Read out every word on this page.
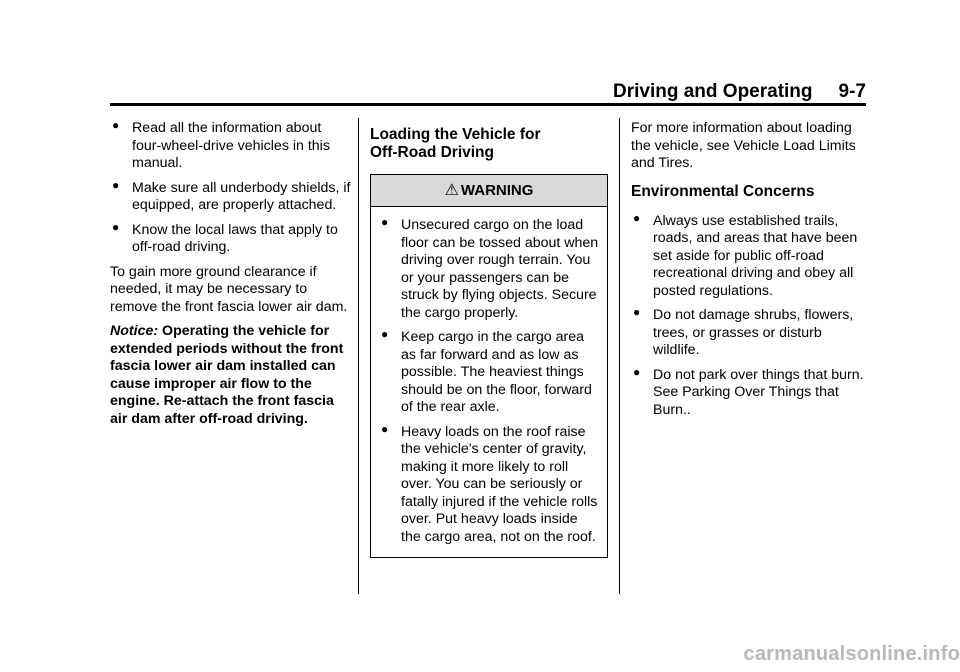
Driving and Operating 9-7
● Read all the information about four-wheel-drive vehicles in this manual.
● Make sure all underbody shields, if equipped, are properly attached.
● Know the local laws that apply to off-road driving.

To gain more ground clearance if needed, it may be necessary to remove the front fascia lower air dam.

Notice: Operating the vehicle for extended periods without the front fascia lower air dam installed can cause improper air flow to the engine. Re-attach the front fascia air dam after off-road driving.

Loading the Vehicle for
Off-Road Driving
⚠ WARNING
● Unsecured cargo on the load floor can be tossed about when driving over rough terrain. You or your passengers can be struck by flying objects. Secure the cargo properly.
● Keep cargo in the cargo area as far forward and as low as possible. The heaviest things should be on the floor, forward of the rear axle.
● Heavy loads on the roof raise the vehicle's center of gravity, making it more likely to roll over. You can be seriously or fatally injured if the vehicle rolls over. Put heavy loads inside the cargo area, not on the roof.

For more information about loading the vehicle, see Vehicle Load Limits and Tires.

Environmental Concerns
● Always use established trails, roads, and areas that have been set aside for public off-road recreational driving and obey all posted regulations.
● Do not damage shrubs, flowers, trees, or grasses or disturb wildlife.
● Do not park over things that burn. See Parking Over Things that Burn..
carmanualsonline.info
